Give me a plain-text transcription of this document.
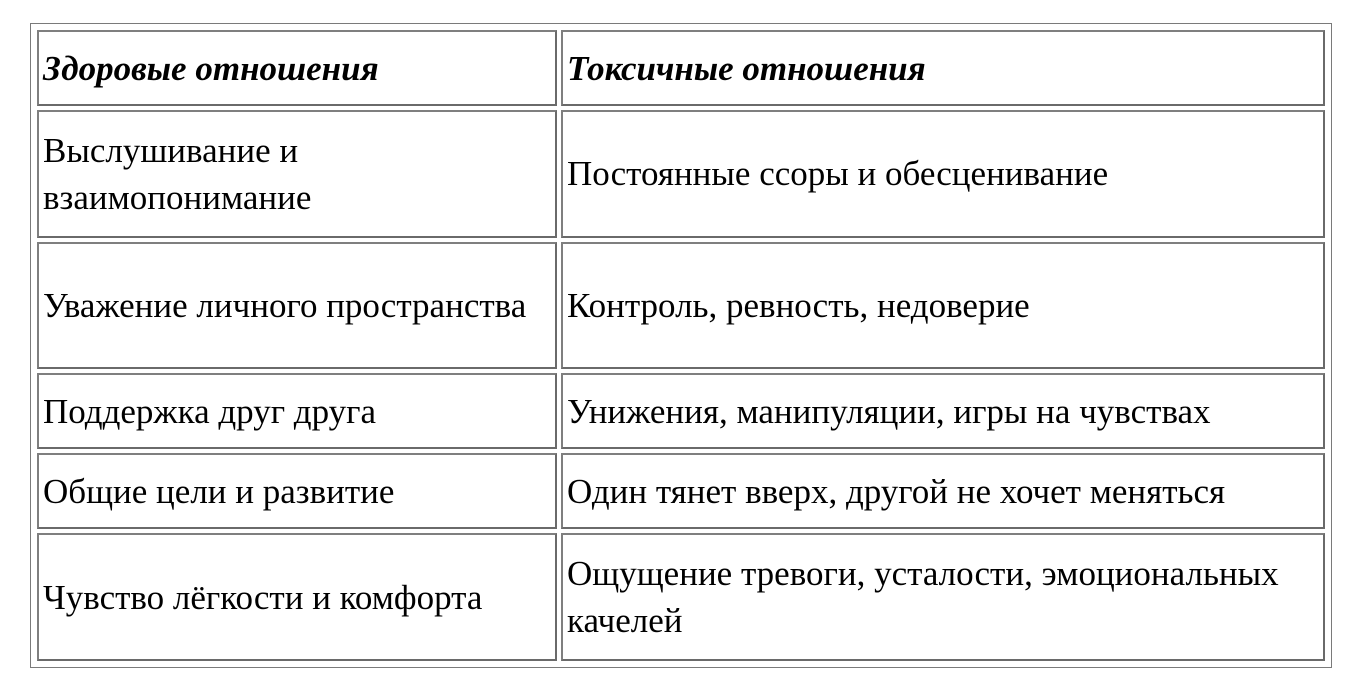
Здоровые отношения	Токсичные отношения
Выслушивание и взаимопонимание	Постоянные ссоры и обесценивание
Уважение личного пространства	Контроль, ревность, недоверие
Поддержка друг друга	Унижения, манипуляции, игры на чувствах
Общие цели и развитие	Один тянет вверх, другой не хочет меняться
Чувство лёгкости и комфорта	Ощущение тревоги, усталости, эмоциональных качелей
